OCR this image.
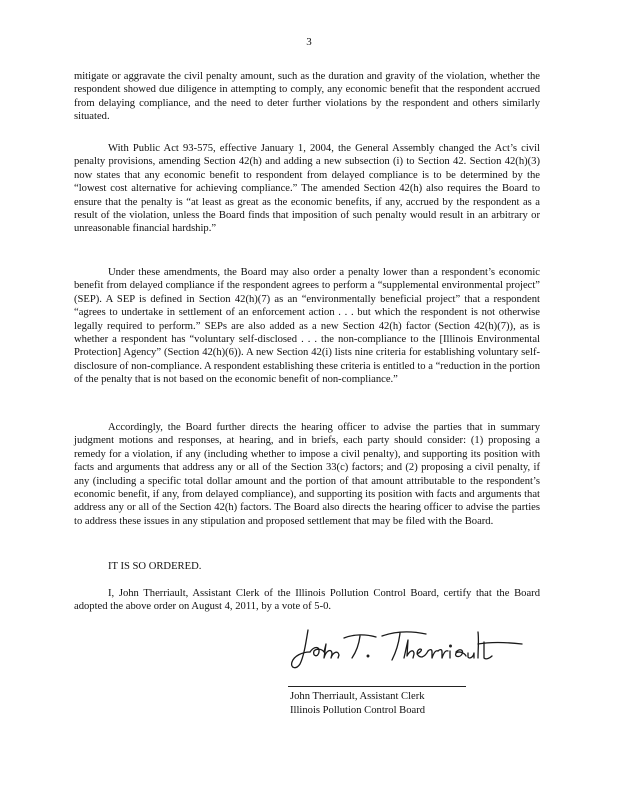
3

mitigate or aggravate the civil penalty amount, such as the duration and gravity of the violation, whether the respondent showed due diligence in attempting to comply, any economic benefit that the respondent accrued from delaying compliance, and the need to deter further violations by the respondent and others similarly situated.

With Public Act 93-575, effective January 1, 2004, the General Assembly changed the Act’s civil penalty provisions, amending Section 42(h) and adding a new subsection (i) to Section 42. Section 42(h)(3) now states that any economic benefit to respondent from delayed compliance is to be determined by the “lowest cost alternative for achieving compliance.” The amended Section 42(h) also requires the Board to ensure that the penalty is “at least as great as the economic benefits, if any, accrued by the respondent as a result of the violation, unless the Board finds that imposition of such penalty would result in an arbitrary or unreasonable financial hardship.”

Under these amendments, the Board may also order a penalty lower than a respondent’s economic benefit from delayed compliance if the respondent agrees to perform a “supplemental environmental project” (SEP). A SEP is defined in Section 42(h)(7) as an “environmentally beneficial project” that a respondent “agrees to undertake in settlement of an enforcement action . . . but which the respondent is not otherwise legally required to perform.” SEPs are also added as a new Section 42(h) factor (Section 42(h)(7)), as is whether a respondent has “voluntary self-disclosed . . . the non-compliance to the [Illinois Environmental Protection] Agency” (Section 42(h)(6)). A new Section 42(i) lists nine criteria for establishing voluntary self-disclosure of non-compliance. A respondent establishing these criteria is entitled to a “reduction in the portion of the penalty that is not based on the economic benefit of non-compliance.”

Accordingly, the Board further directs the hearing officer to advise the parties that in summary judgment motions and responses, at hearing, and in briefs, each party should consider: (1) proposing a remedy for a violation, if any (including whether to impose a civil penalty), and supporting its position with facts and arguments that address any or all of the Section 33(c) factors; and (2) proposing a civil penalty, if any (including a specific total dollar amount and the portion of that amount attributable to the respondent’s economic benefit, if any, from delayed compliance), and supporting its position with facts and arguments that address any or all of the Section 42(h) factors. The Board also directs the hearing officer to advise the parties to address these issues in any stipulation and proposed settlement that may be filed with the Board.

IT IS SO ORDERED.

I, John Therriault, Assistant Clerk of the Illinois Pollution Control Board, certify that the Board adopted the above order on August 4, 2011, by a vote of 5-0.

John Therriault, Assistant Clerk
Illinois Pollution Control Board
